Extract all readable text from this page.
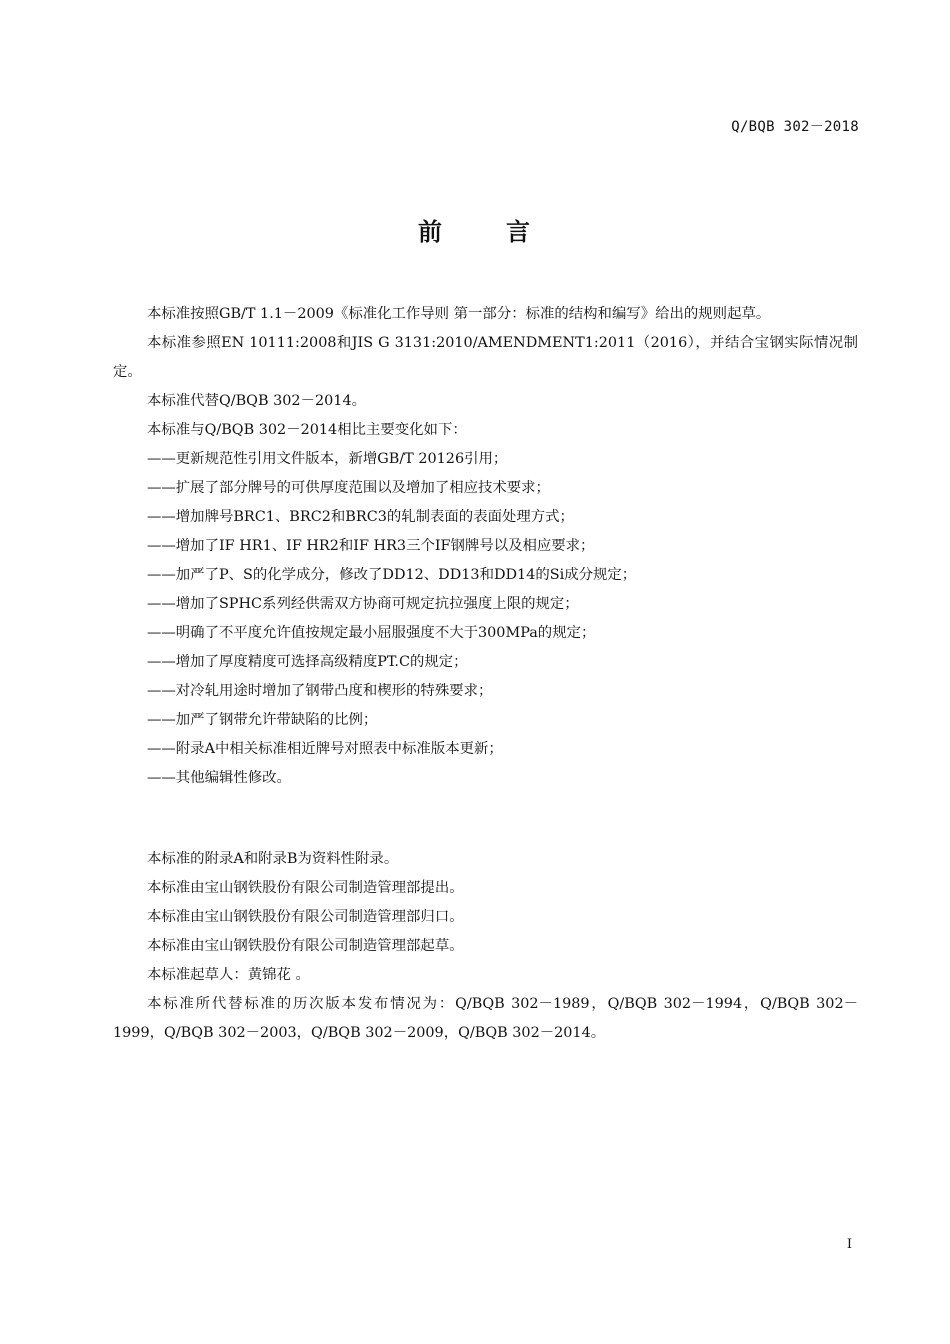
Q/BQB 302－2018
前	言

本标准按照GB/T 1.1－2009《标准化工作导则 第一部分：标准的结构和编写》给出的规则起草。

本标准参照EN 10111:2008和JIS G 3131:2010/AMENDMENT1:2011（2016），并结合宝钢实际情况制定。

本标准代替Q/BQB 302－2014。

本标准与Q/BQB 302－2014相比主要变化如下：

——更新规范性引用文件版本，新增GB/T 20126引用；

——扩展了部分牌号的可供厚度范围以及增加了相应技术要求；

——增加牌号BRC1、BRC2和BRC3的轧制表面的表面处理方式；

——增加了IF HR1、IF HR2和IF HR3三个IF钢牌号以及相应要求；

——加严了P、S的化学成分，修改了DD12、DD13和DD14的Si成分规定；

——增加了SPHC系列经供需双方协商可规定抗拉强度上限的规定；

——明确了不平度允许值按规定最小屈服强度不大于300MPa的规定；

——增加了厚度精度可选择高级精度PT.C的规定；

——对冷轧用途时增加了钢带凸度和楔形的特殊要求；

——加严了钢带允许带缺陷的比例；

——附录A中相关标准相近牌号对照表中标准版本更新；

——其他编辑性修改。

本标准的附录A和附录B为资料性附录。

本标准由宝山钢铁股份有限公司制造管理部提出。

本标准由宝山钢铁股份有限公司制造管理部归口。

本标准由宝山钢铁股份有限公司制造管理部起草。

本标准起草人：黄锦花 。

本标准所代替标准的历次版本发布情况为：Q/BQB 302－1989，Q/BQB 302－1994，Q/BQB 302－1999，Q/BQB 302－2003，Q/BQB 302－2009，Q/BQB 302－2014。

I
